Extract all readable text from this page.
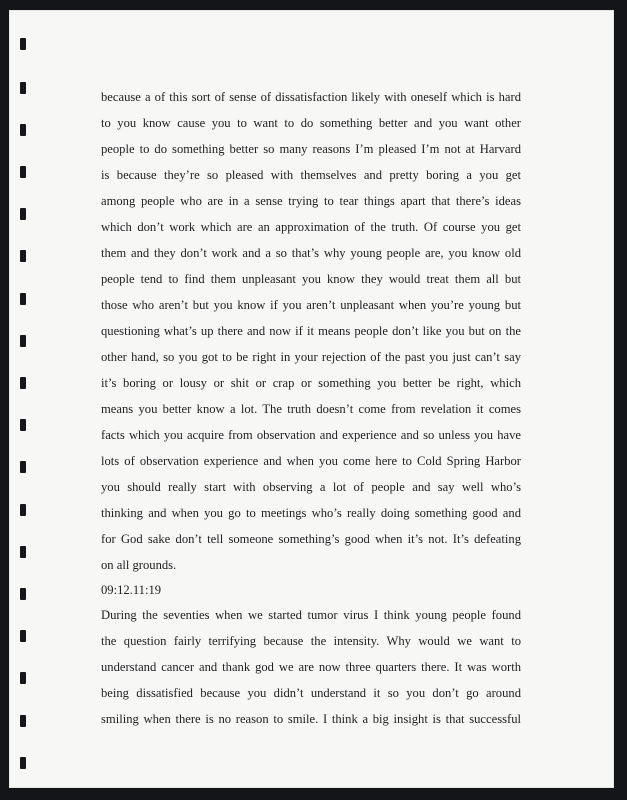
because a of this sort of sense of dissatisfaction likely with oneself which is hard
to you know cause you to want to do something better and you want other
people to do something better so many reasons I’m pleased I’m not at Harvard
is because they’re so pleased with themselves and pretty boring a you get
among people who are in a sense trying to tear things apart that there’s ideas
which don’t work which are an approximation of the truth. Of course you get
them and they don’t work and a so that’s why young people are, you know old
people tend to find them unpleasant you know they would treat them all but
those who aren’t but you know if you aren’t unpleasant when you’re young but
questioning what’s up there and now if it means people don’t like you but on the
other hand, so you got to be right in your rejection of the past you just can’t say
it’s boring or lousy or shit or crap or something you better be right, which
means you better know a lot. The truth doesn’t come from revelation it comes
facts which you acquire from observation and experience and so unless you have
lots of observation experience and when you come here to Cold Spring Harbor
you should really start with observing a lot of people and say well who’s
thinking and when you go to meetings who’s really doing something good and
for God sake don’t tell someone something’s good when it’s not. It’s defeating
on all grounds.
09:12.11:19
During the seventies when we started tumor virus I think young people found
the question fairly terrifying because the intensity. Why would we want to
understand cancer and thank god we are now three quarters there. It was worth
being dissatisfied because you didn’t understand it so you don’t go around
smiling when there is no reason to smile. I think a big insight is that successful
